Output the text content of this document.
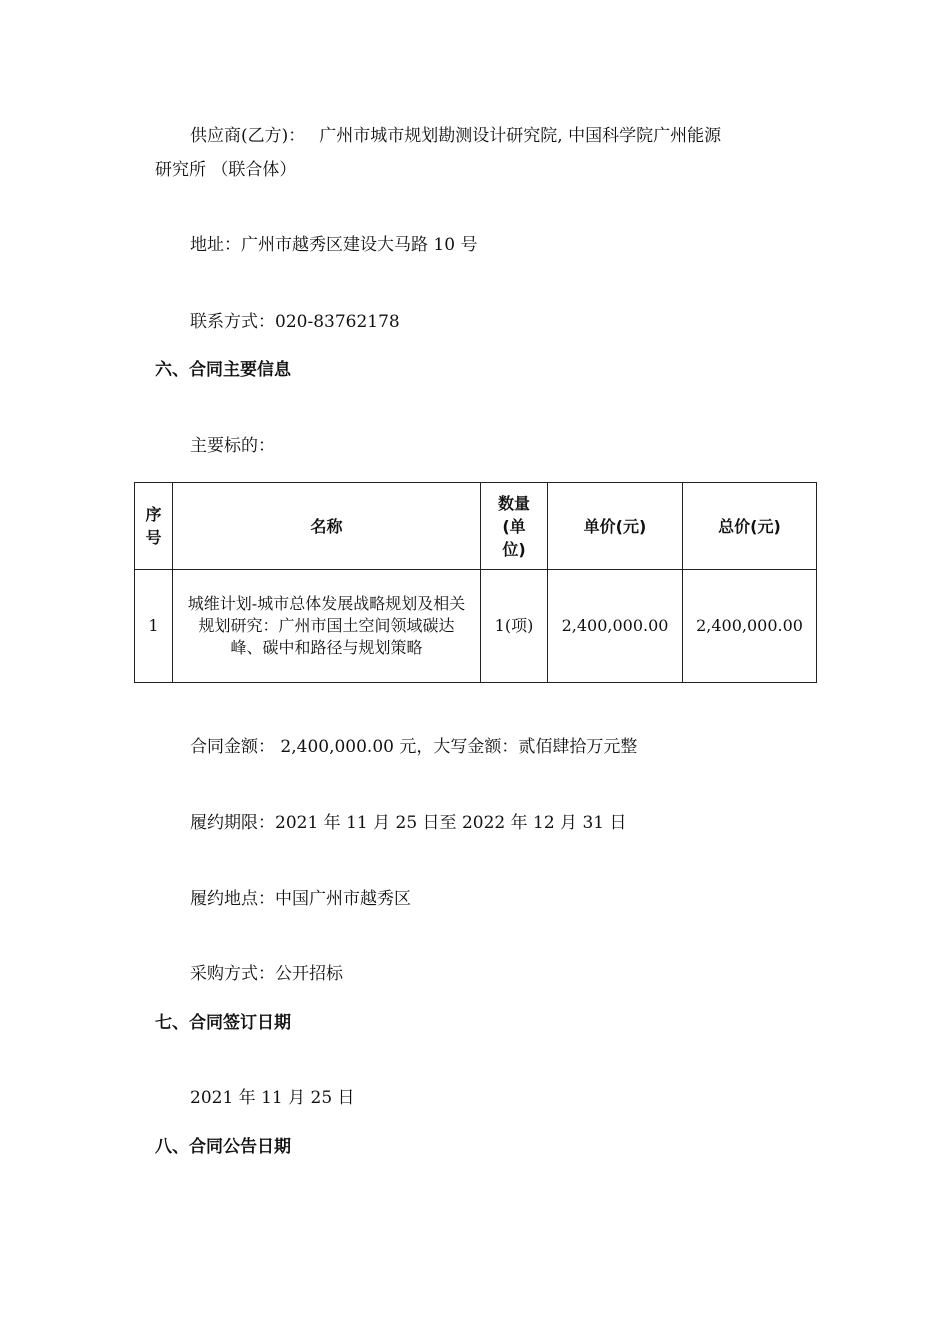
供应商(乙方)： 广州市城市规划勘测设计研究院, 中国科学院广州能源
研究所 （联合体）
地址：广州市越秀区建设大马路 10 号
联系方式：020-83762178
六、合同主要信息
主要标的：
序号	名称	数量(单位)	单价(元)	总价(元)
1	城维计划-城市总体发展战略规划及相关规划研究：广州市国土空间领域碳达峰、碳中和路径与规划策略	1(项)	2,400,000.00	2,400,000.00
合同金额： 2,400,000.00 元，大写金额：贰佰肆拾万元整
履约期限：2021 年 11 月 25 日至 2022 年 12 月 31 日
履约地点：中国广州市越秀区
采购方式：公开招标
七、合同签订日期
2021 年 11 月 25 日
八、合同公告日期
